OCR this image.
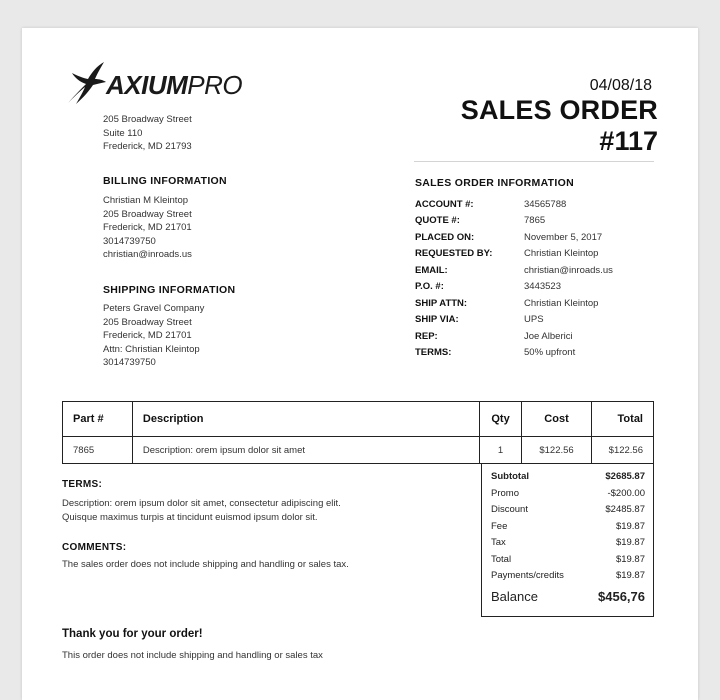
AXIUMPRO
205 Broadway Street
Suite 110
Frederick, MD 21793
04/08/18
SALES ORDER
#117
BILLING INFORMATION
Christian M Kleintop
205 Broadway Street
Frederick, MD 21701
3014739750
christian@inroads.us
SHIPPING INFORMATION
Peters Gravel Company
205 Broadway Street
Frederick, MD 21701
Attn: Christian Kleintop
3014739750
SALES ORDER INFORMATION
ACCOUNT #:	34565788
QUOTE #:	7865
PLACED ON:	November 5, 2017
REQUESTED BY:	Christian Kleintop
EMAIL:	christian@inroads.us
P.O. #:	3443523
SHIP ATTN:	Christian Kleintop
SHIP VIA:	UPS
REP:	Joe Alberici
TERMS:	50% upfront
Part #	Description	Qty	Cost	Total
7865	Description: orem ipsum dolor sit amet	1	$122.56	$122.56
TERMS:
Description: orem ipsum dolor sit amet, consectetur adipiscing elit.
Quisque maximus turpis at tincidunt euismod ipsum dolor sit.
COMMENTS:
The sales order does not include shipping and handling or sales tax.
Subtotal	$2685.87
Promo	-$200.00
Discount	$2485.87
Fee	$19.87
Tax	$19.87
Total	$19.87
Payments/credits	$19.87
Balance	$456,76
Thank you for your order!
This order does not include shipping and handling or sales tax
